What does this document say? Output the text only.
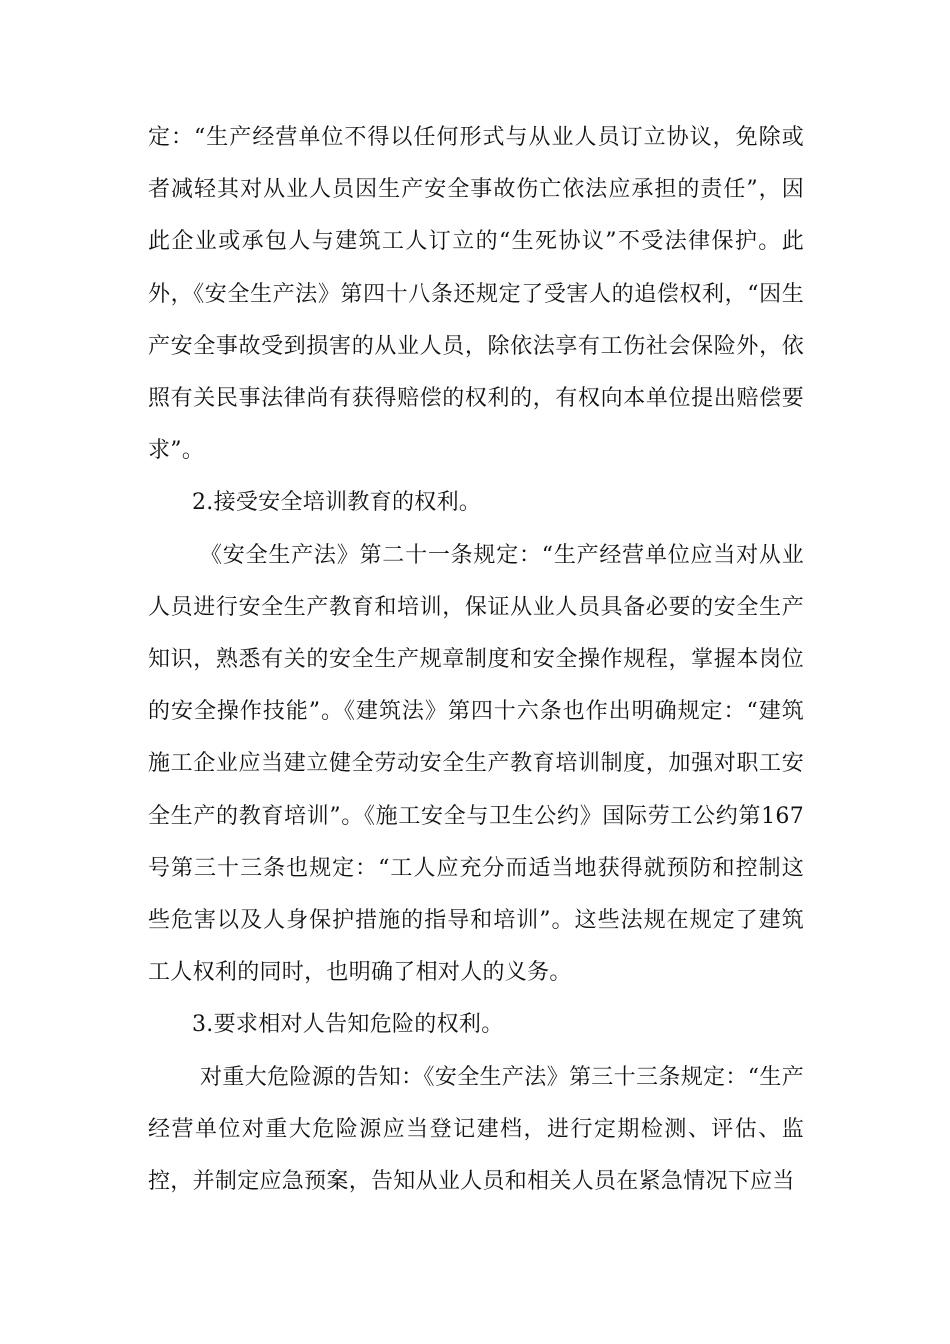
定：“生产经营单位不得以任何形式与从业人员订立协议，免除或者减轻其对从业人员因生产安全事故伤亡依法应承担的责任”，因此企业或承包人与建筑工人订立的“生死协议”不受法律保护。此外，《安全生产法》第四十八条还规定了受害人的追偿权利，“因生产安全事故受到损害的从业人员，除依法享有工伤社会保险外，依照有关民事法律尚有获得赔偿的权利的，有权向本单位提出赔偿要求”。

2.接受安全培训教育的权利。

《安全生产法》第二十一条规定：“生产经营单位应当对从业人员进行安全生产教育和培训，保证从业人员具备必要的安全生产知识，熟悉有关的安全生产规章制度和安全操作规程，掌握本岗位的安全操作技能”。《建筑法》第四十六条也作出明确规定：“建筑施工企业应当建立健全劳动安全生产教育培训制度，加强对职工安全生产的教育培训”。《施工安全与卫生公约》国际劳工公约第167号第三十三条也规定：“工人应充分而适当地获得就预防和控制这些危害以及人身保护措施的指导和培训”。这些法规在规定了建筑工人权利的同时，也明确了相对人的义务。

3.要求相对人告知危险的权利。

对重大危险源的告知：《安全生产法》第三十三条规定：“生产经营单位对重大危险源应当登记建档，进行定期检测、评估、监控，并制定应急预案，告知从业人员和相关人员在紧急情况下应当
